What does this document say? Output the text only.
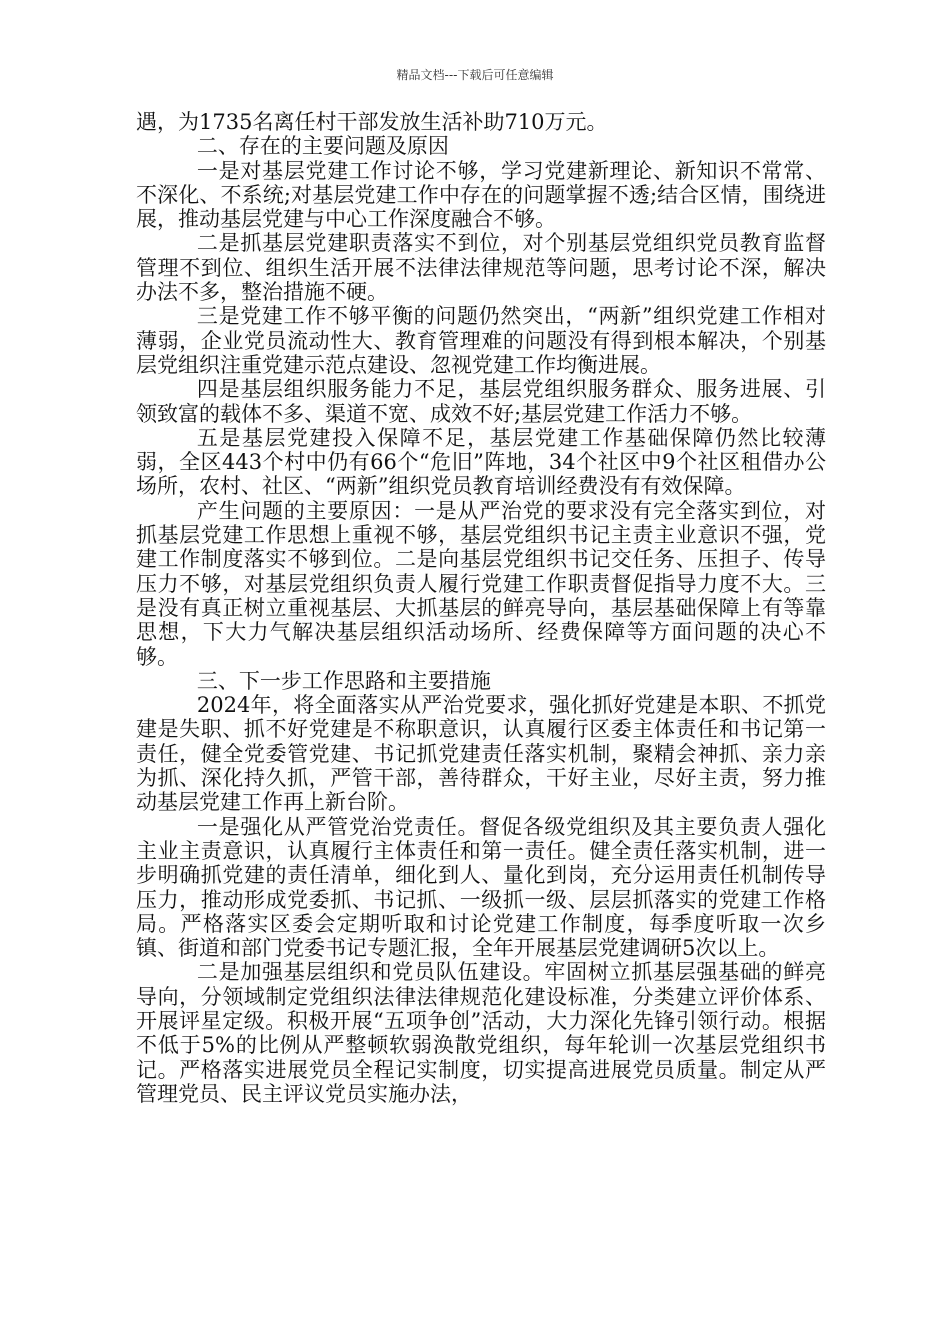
精品文档---下载后可任意编辑

遇，为1735名离任村干部发放生活补助710万元。

二、存在的主要问题及原因

一是对基层党建工作讨论不够，学习党建新理论、新知识不常常、不深化、不系统;对基层党建工作中存在的问题掌握不透;结合区情，围绕进展，推动基层党建与中心工作深度融合不够。

二是抓基层党建职责落实不到位，对个别基层党组织党员教育监督管理不到位、组织生活开展不法律法律规范等问题，思考讨论不深，解决办法不多，整治措施不硬。

三是党建工作不够平衡的问题仍然突出，“两新”组织党建工作相对薄弱，企业党员流动性大、教育管理难的问题没有得到根本解决，个别基层党组织注重党建示范点建设、忽视党建工作均衡进展。

四是基层组织服务能力不足，基层党组织服务群众、服务进展、引领致富的载体不多、渠道不宽、成效不好;基层党建工作活力不够。

五是基层党建投入保障不足，基层党建工作基础保障仍然比较薄弱，全区443个村中仍有66个“危旧”阵地，34个社区中9个社区租借办公场所，农村、社区、“两新”组织党员教育培训经费没有有效保障。

产生问题的主要原因：一是从严治党的要求没有完全落实到位，对抓基层党建工作思想上重视不够，基层党组织书记主责主业意识不强，党建工作制度落实不够到位。二是向基层党组织书记交任务、压担子、传导压力不够，对基层党组织负责人履行党建工作职责督促指导力度不大。三是没有真正树立重视基层、大抓基层的鲜亮导向，基层基础保障上有等靠思想，下大力气解决基层组织活动场所、经费保障等方面问题的决心不够。

三、下一步工作思路和主要措施

2024年，将全面落实从严治党要求，强化抓好党建是本职、不抓党建是失职、抓不好党建是不称职意识，认真履行区委主体责任和书记第一责任，健全党委管党建、书记抓党建责任落实机制，聚精会神抓、亲力亲为抓、深化持久抓，严管干部，善待群众，干好主业，尽好主责，努力推动基层党建工作再上新台阶。

一是强化从严管党治党责任。督促各级党组织及其主要负责人强化主业主责意识，认真履行主体责任和第一责任。健全责任落实机制，进一步明确抓党建的责任清单，细化到人、量化到岗，充分运用责任机制传导压力，推动形成党委抓、书记抓、一级抓一级、层层抓落实的党建工作格局。严格落实区委会定期听取和讨论党建工作制度，每季度听取一次乡镇、街道和部门党委书记专题汇报，全年开展基层党建调研5次以上。

二是加强基层组织和党员队伍建设。牢固树立抓基层强基础的鲜亮导向，分领域制定党组织法律法律规范化建设标准，分类建立评价体系、开展评星定级。积极开展“五项争创”活动，大力深化先锋引领行动。根据不低于5%的比例从严整顿软弱涣散党组织，每年轮训一次基层党组织书记。严格落实进展党员全程记实制度，切实提高进展党员质量。制定从严管理党员、民主评议党员实施办法，
